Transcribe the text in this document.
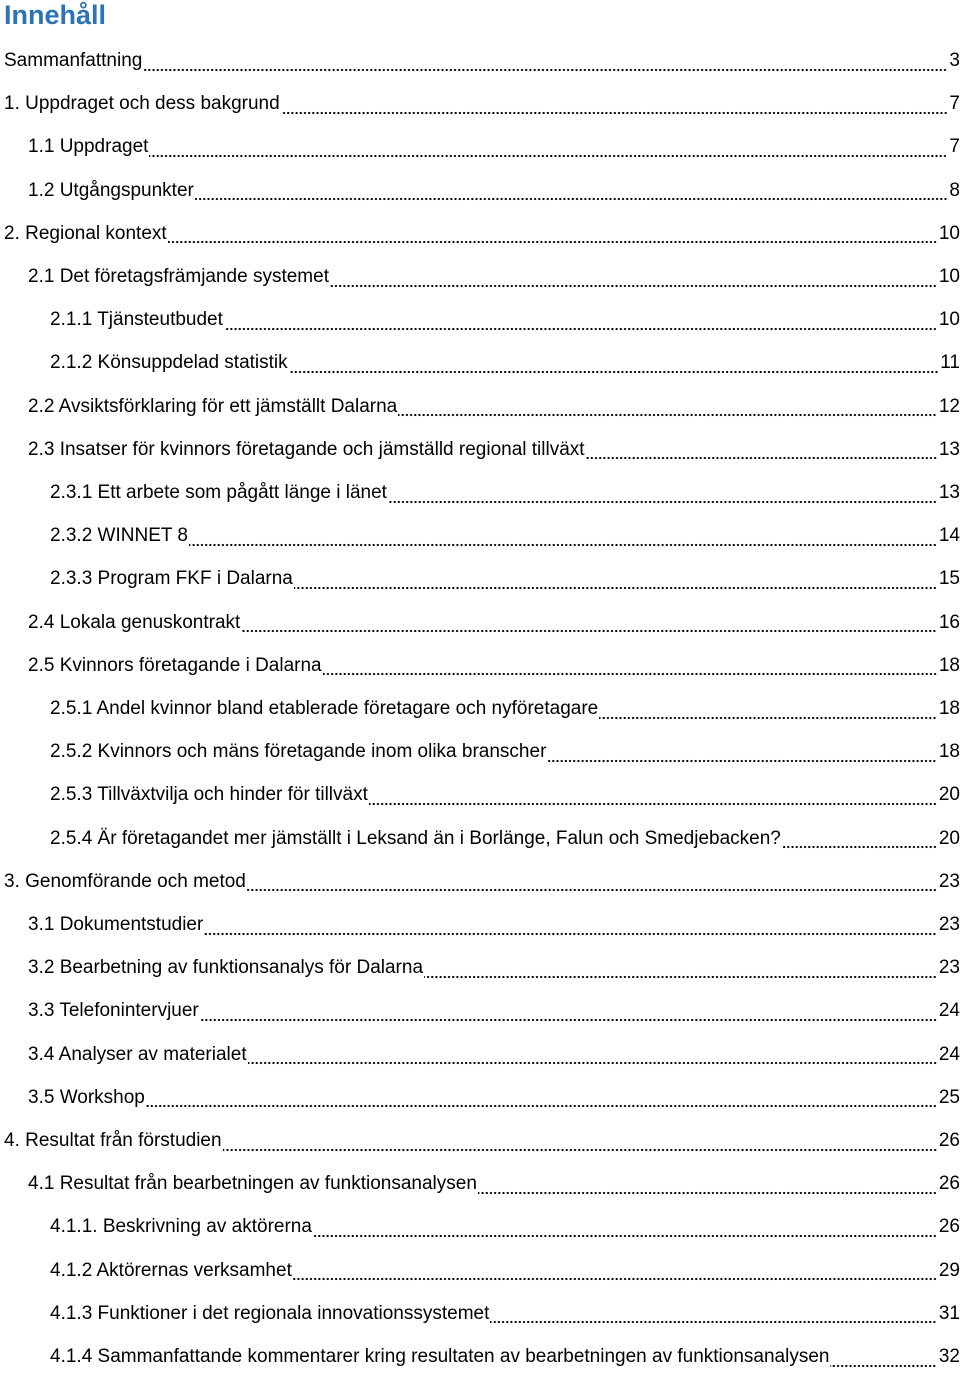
Innehåll
Sammanfattning	3
1. Uppdraget och dess bakgrund	7
1.1 Uppdraget	7
1.2 Utgångspunkter	8
2. Regional kontext	10
2.1 Det företagsfrämjande systemet	10
2.1.1 Tjänsteutbudet	10
2.1.2 Könsuppdelad statistik	11
2.2 Avsiktsförklaring för ett jämställt Dalarna	12
2.3 Insatser för kvinnors företagande och jämställd regional tillväxt	13
2.3.1 Ett arbete som pågått länge i länet	13
2.3.2 WINNET 8	14
2.3.3 Program FKF i Dalarna	15
2.4 Lokala genuskontrakt	16
2.5 Kvinnors företagande i Dalarna	18
2.5.1 Andel kvinnor bland etablerade företagare och nyföretagare	18
2.5.2 Kvinnors och mäns företagande inom olika branscher	18
2.5.3 Tillväxtvilja och hinder för tillväxt	20
2.5.4 Är företagandet mer jämställt i Leksand än i Borlänge, Falun och Smedjebacken?	20
3. Genomförande och metod	23
3.1 Dokumentstudier	23
3.2 Bearbetning av funktionsanalys för Dalarna	23
3.3 Telefonintervjuer	24
3.4 Analyser av materialet	24
3.5 Workshop	25
4. Resultat från förstudien	26
4.1 Resultat från bearbetningen av funktionsanalysen	26
4.1.1. Beskrivning av aktörerna	26
4.1.2 Aktörernas verksamhet	29
4.1.3 Funktioner i det regionala innovationssystemet	31
4.1.4 Sammanfattande kommentarer kring resultaten av bearbetningen av funktionsanalysen	32
